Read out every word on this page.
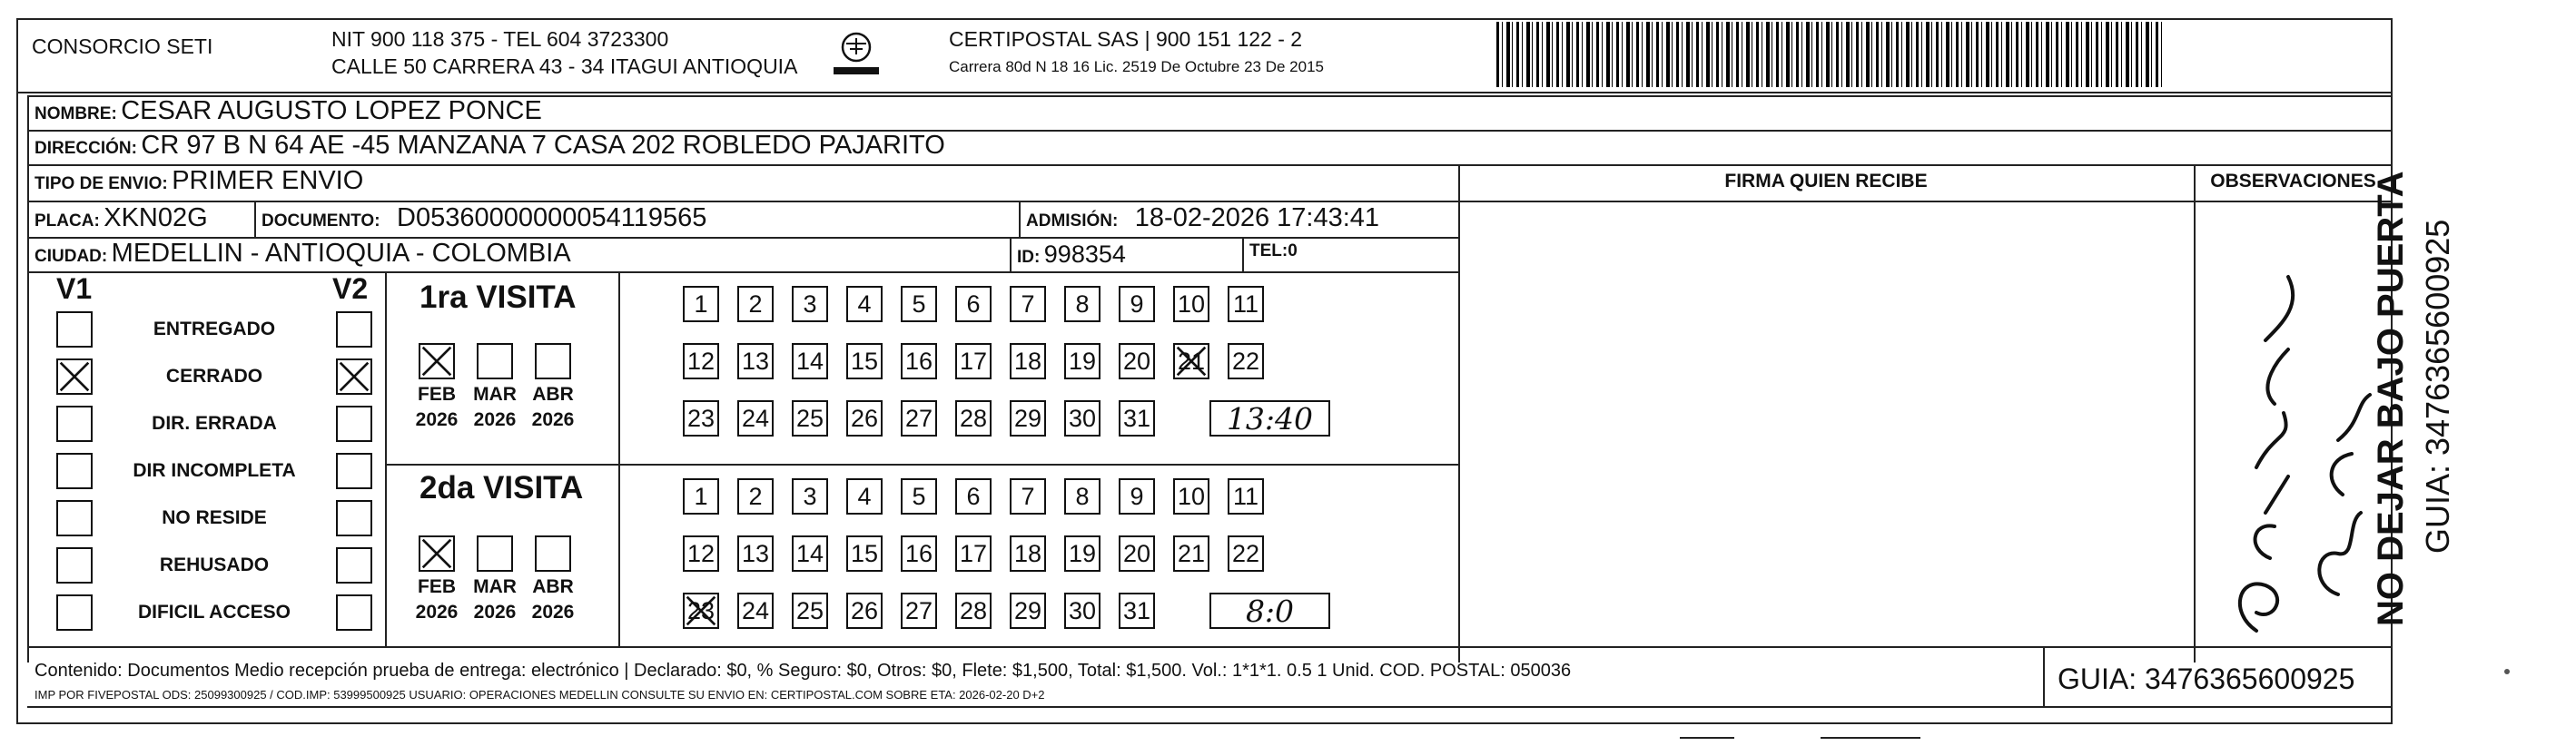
CONSORCIO SETI	NIT 900 118 375 - TEL 604 3723300
CALLE 50 CARRERA 43 - 34 ITAGUI ANTIOQUIA
CERTIPOSTAL SAS | 900 151 122 - 2
Carrera 80d N 18 16 Lic. 2519 De Octubre 23 De 2015
NOMBRE: CESAR AUGUSTO LOPEZ PONCE
DIRECCIÓN: CR 97 B N 64 AE -45 MANZANA 7 CASA 202 ROBLEDO PAJARITO
TIPO DE ENVIO: PRIMER ENVIO
PLACA: XKN02G	DOCUMENTO: D05360000000054119565	ADMISIÓN: 18-02-2026 17:43:41
CIUDAD: MEDELLIN - ANTIOQUIA - COLOMBIA	ID: 998354	TEL:0
FIRMA QUIEN RECIBE	OBSERVACIONES
V1	V2
ENTREGADO
CERRADO
DIR. ERRADA
DIR INCOMPLETA
NO RESIDE
REHUSADO
DIFICIL ACCESO
1ra VISITA
2da VISITA
FEB
2026
MAR
2026
ABR
2026
1	2	3	4	5	6	7	8	9	10 11
12 13 14 15 16 17 18 19 20 21 22
23 24 25 26 27 28 29 30 31	13:40
FEB
2026
MAR
2026
ABR
2026
1	2	3	4	5	6	7	8	9	10 11
12 13 14 15 16 17 18 19 20 21 22
23 24 25 26 27 28 29 30 31	8:0
Contenido: Documentos Medio recepción prueba de entrega: electrónico | Declarado: $0, % Seguro: $0, Otros: $0, Flete: $1,500, Total: $1,500. Vol.: 1*1*1. 0.5 1 Unid. COD. POSTAL: 050036
IMP POR FIVEPOSTAL ODS: 25099300925 / COD.IMP: 53999500925 USUARIO: OPERACIONES MEDELLIN CONSULTE SU ENVIO EN: CERTIPOSTAL.COM SOBRE ETA: 2026-02-20 D+2	GUIA: 3476365600925
NO DEJAR BAJO PUERTA GUIA: 3476365600925
